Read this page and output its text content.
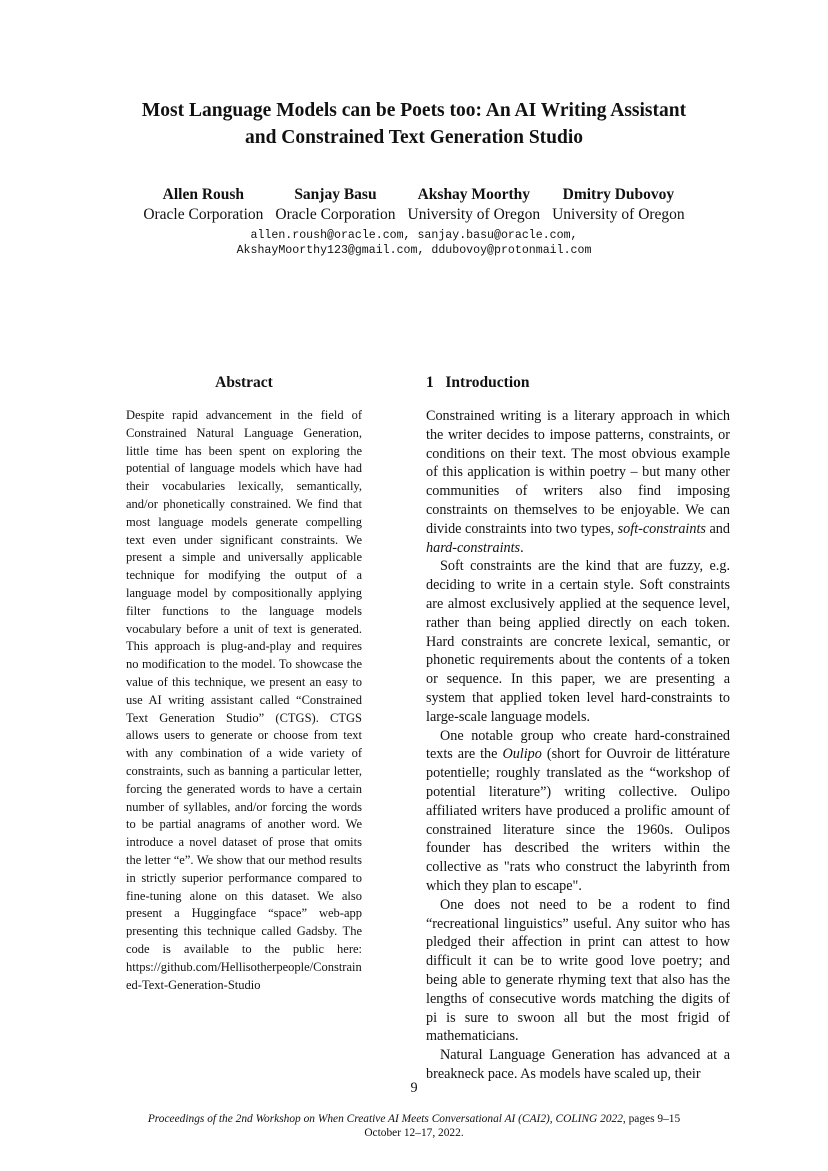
Most Language Models can be Poets too: An AI Writing Assistant
and Constrained Text Generation Studio
Allen Roush
Oracle Corporation
Sanjay Basu
Oracle Corporation
Akshay Moorthy
University of Oregon
Dmitry Dubovoy
University of Oregon
allen.roush@oracle.com, sanjay.basu@oracle.com,
AkshayMoorthy123@gmail.com, ddubovoy@protonmail.com
Abstract

Despite rapid advancement in the field of Constrained Natural Language Generation, little time has been spent on exploring the potential of language models which have had their vocabularies lexically, semantically, and/or phonetically constrained. We find that most language models generate compelling text even under significant constraints. We present a simple and universally applicable technique for modifying the output of a language model by compositionally applying filter functions to the language models vocabulary before a unit of text is generated. This approach is plug-and-play and requires no modification to the model. To showcase the value of this technique, we present an easy to use AI writing assistant called “Constrained Text Generation Studio” (CTGS). CTGS allows users to generate or choose from text with any combination of a wide variety of constraints, such as banning a particular letter, forcing the generated words to have a certain number of syllables, and/or forcing the words to be partial anagrams of another word. We introduce a novel dataset of prose that omits the letter “e”. We show that our method results in strictly superior performance compared to fine-tuning alone on this dataset. We also present a Huggingface “space” web-app presenting this technique called Gadsby. The code is available to the public here: https://github.com/Hellisotherpeople/Constrained-Text-Generation-Studio

1 Introduction

Constrained writing is a literary approach in which the writer decides to impose patterns, constraints, or conditions on their text. The most obvious example of this application is within poetry – but many other communities of writers also find imposing constraints on themselves to be enjoyable. We can divide constraints into two types, soft-constraints and hard-constraints.

Soft constraints are the kind that are fuzzy, e.g. deciding to write in a certain style. Soft constraints are almost exclusively applied at the sequence level, rather than being applied directly on each token. Hard constraints are concrete lexical, semantic, or phonetic requirements about the contents of a token or sequence. In this paper, we are presenting a system that applied token level hard-constraints to large-scale language models.

One notable group who create hard-constrained texts are the Oulipo (short for Ouvroir de littérature potentielle; roughly translated as the “workshop of potential literature”) writing collective. Oulipo affiliated writers have produced a prolific amount of constrained literature since the 1960s. Oulipos founder has described the writers within the collective as "rats who construct the labyrinth from which they plan to escape".

One does not need to be a rodent to find “recreational linguistics” useful. Any suitor who has pledged their affection in print can attest to how difficult it can be to write good love poetry; and being able to generate rhyming text that also has the lengths of consecutive words matching the digits of pi is sure to swoon all but the most frigid of mathematicians.

Natural Language Generation has advanced at a breakneck pace. As models have scaled up, their

9
Proceedings of the 2nd Workshop on When Creative AI Meets Conversational AI (CAI2), COLING 2022, pages 9–15
October 12–17, 2022.
